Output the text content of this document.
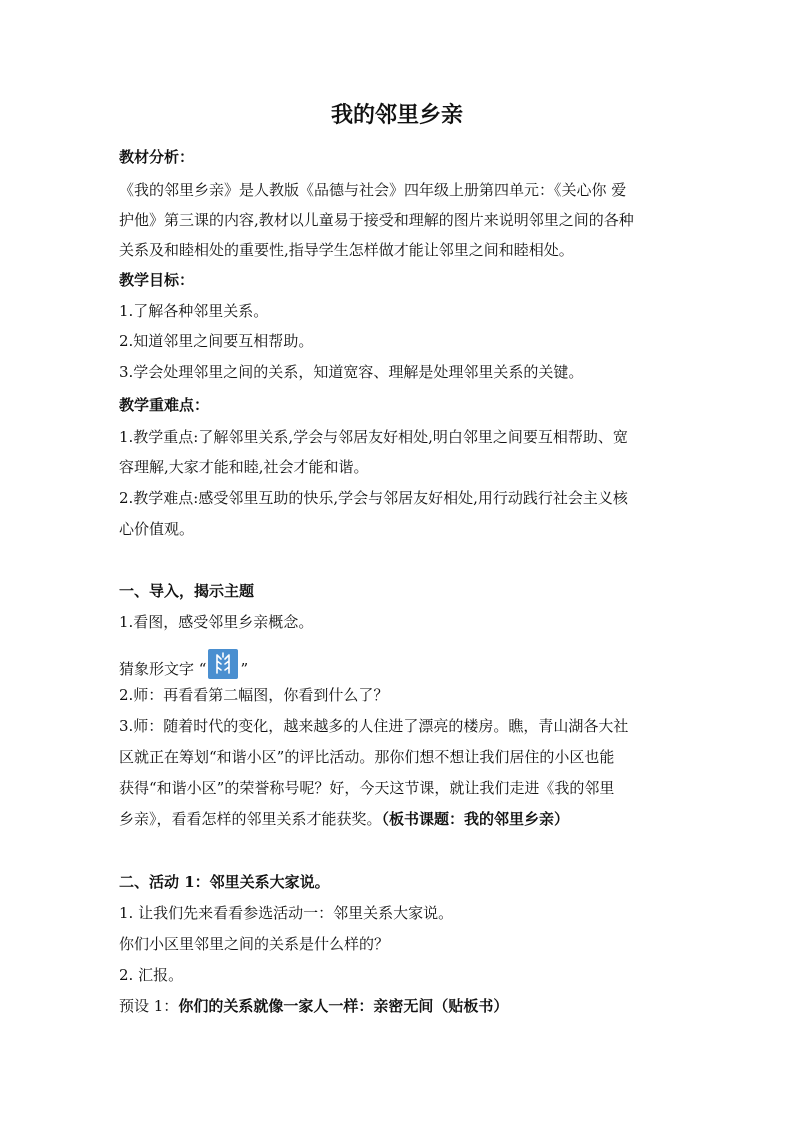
我的邻里乡亲
教材分析：
《我的邻里乡亲》是人教版《品德与社会》四年级上册第四单元：《关心你 爱
护他》第三课的内容,教材以儿童易于接受和理解的图片来说明邻里之间的各种
关系及和睦相处的重要性,指导学生怎样做才能让邻里之间和睦相处。
教学目标：
1.了解各种邻里关系。
2.知道邻里之间要互相帮助。
3.学会处理邻里之间的关系，知道宽容、理解是处理邻里关系的关键。
教学重难点：
1.教学重点:了解邻里关系,学会与邻居友好相处,明白邻里之间要互相帮助、宽
容理解,大家才能和睦,社会才能和谐。
2.教学难点:感受邻里互助的快乐,学会与邻居友好相处,用行动践行社会主义核
心价值观。
一、导入，揭示主题
1.看图，感受邻里乡亲概念。
猜象形文字 “ ”
2.师：再看看第二幅图，你看到什么了？
3.师：随着时代的变化，越来越多的人住进了漂亮的楼房。瞧，青山湖各大社
区就正在筹划“和谐小区”的评比活动。那你们想不想让我们居住的小区也能
获得“和谐小区”的荣誉称号呢？好，今天这节课，就让我们走进《我的邻里
乡亲》，看看怎样的邻里关系才能获奖。（板书课题：我的邻里乡亲）
二、活动 1：邻里关系大家说。
1. 让我们先来看看参选活动一：邻里关系大家说。
你们小区里邻里之间的关系是什么样的？
2. 汇报。
预设 1：你们的关系就像一家人一样：亲密无间（贴板书）
